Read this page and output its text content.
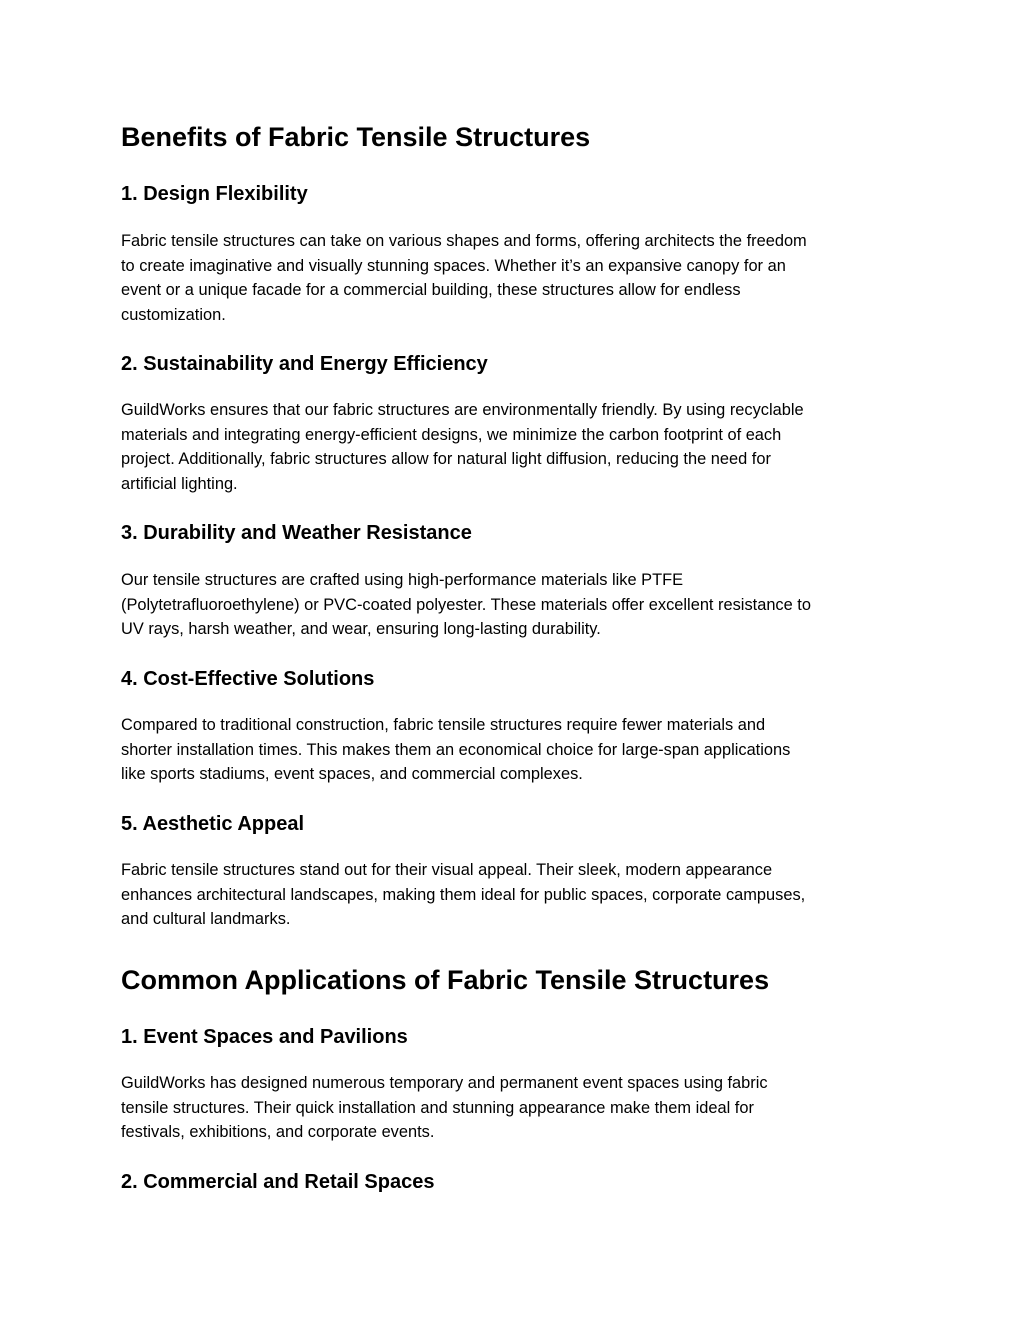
Benefits of Fabric Tensile Structures
1. Design Flexibility
Fabric tensile structures can take on various shapes and forms, offering architects the freedom
to create imaginative and visually stunning spaces. Whether it’s an expansive canopy for an
event or a unique facade for a commercial building, these structures allow for endless
customization.
2. Sustainability and Energy Efficiency
GuildWorks ensures that our fabric structures are environmentally friendly. By using recyclable
materials and integrating energy-efficient designs, we minimize the carbon footprint of each
project. Additionally, fabric structures allow for natural light diffusion, reducing the need for
artificial lighting.
3. Durability and Weather Resistance
Our tensile structures are crafted using high-performance materials like PTFE
(Polytetrafluoroethylene) or PVC-coated polyester. These materials offer excellent resistance to
UV rays, harsh weather, and wear, ensuring long-lasting durability.
4. Cost-Effective Solutions
Compared to traditional construction, fabric tensile structures require fewer materials and
shorter installation times. This makes them an economical choice for large-span applications
like sports stadiums, event spaces, and commercial complexes.
5. Aesthetic Appeal
Fabric tensile structures stand out for their visual appeal. Their sleek, modern appearance
enhances architectural landscapes, making them ideal for public spaces, corporate campuses,
and cultural landmarks.
Common Applications of Fabric Tensile Structures
1. Event Spaces and Pavilions
GuildWorks has designed numerous temporary and permanent event spaces using fabric
tensile structures. Their quick installation and stunning appearance make them ideal for
festivals, exhibitions, and corporate events.
2. Commercial and Retail Spaces
